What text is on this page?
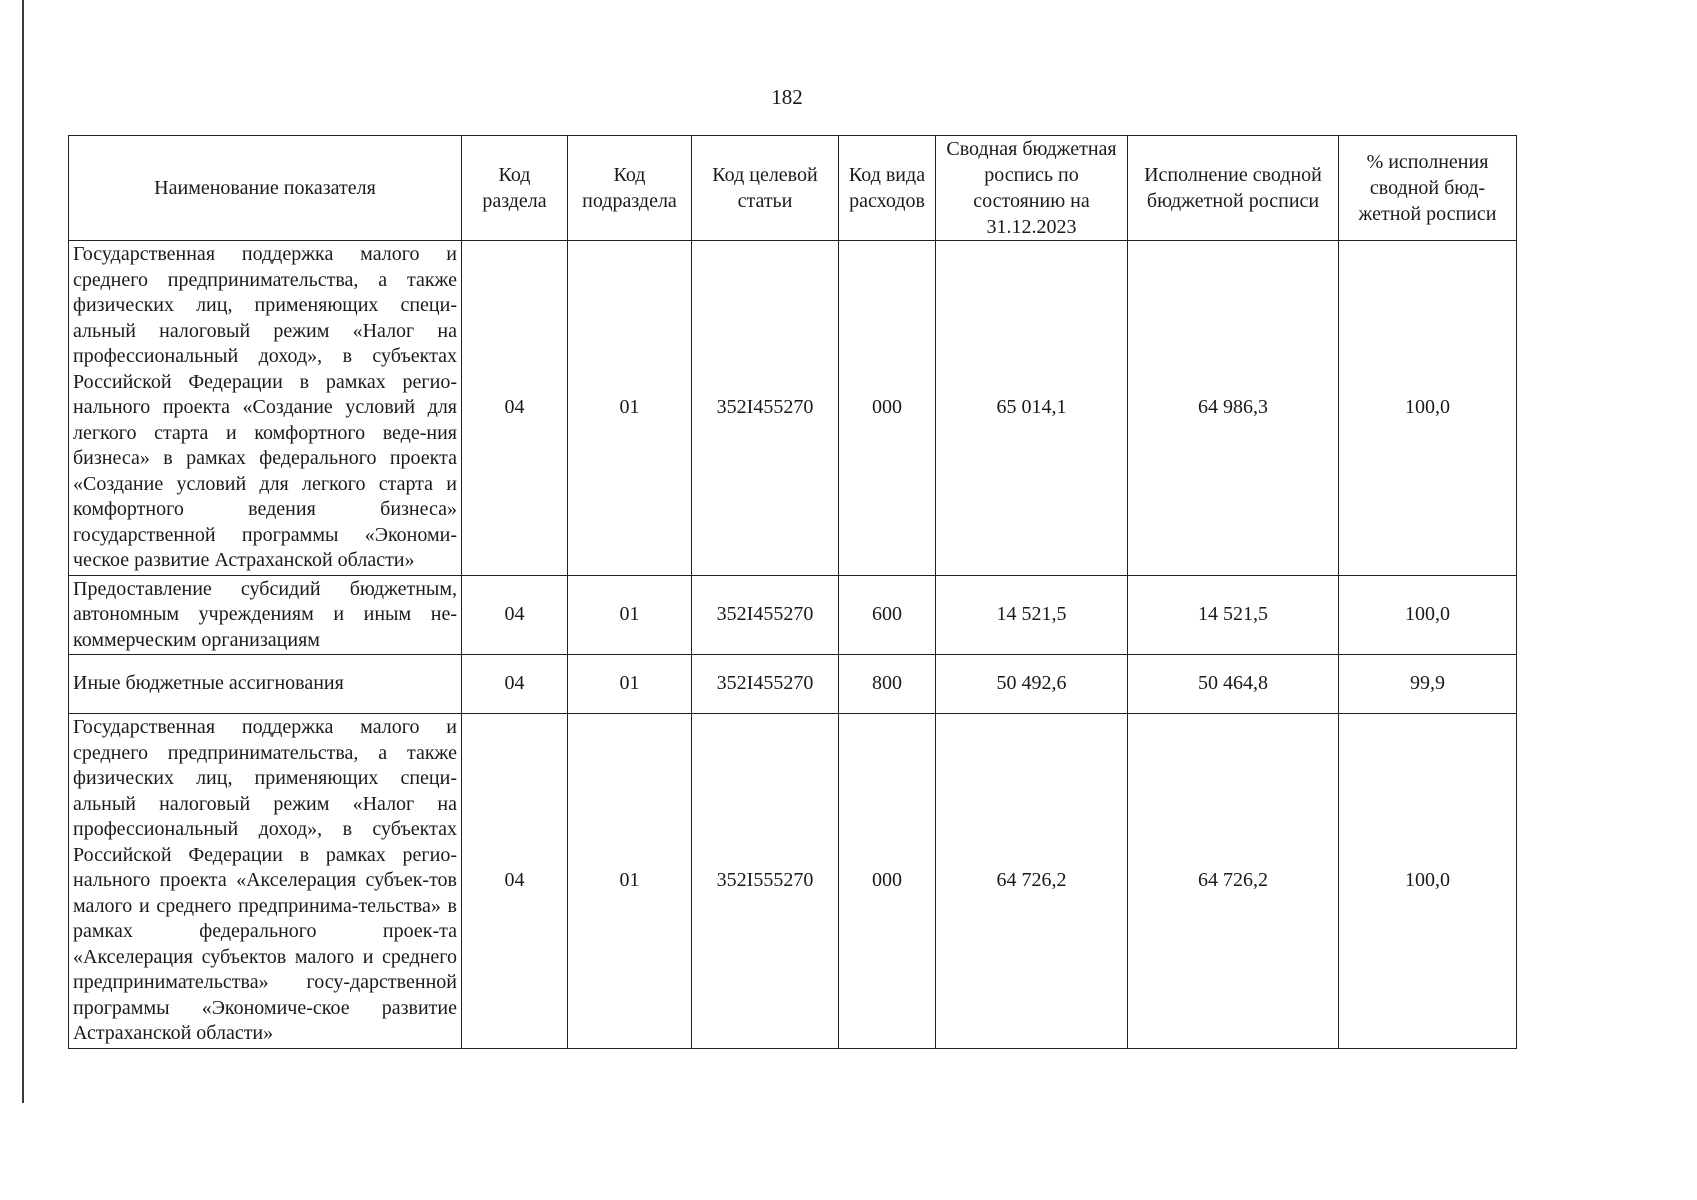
182
Наименование показателя	Код раздела	Код подраздела	Код целевой статьи	Код вида расходов	Сводная бюджетная роспись по состоянию на 31.12.2023	Исполнение сводной бюджетной росписи	% исполнения сводной бюд-жетной росписи
Государственная поддержка малого и среднего предпринимательства, а также физических лиц, применяющих специ-альный налоговый режим «Налог на профессиональный доход», в субъектах Российской Федерации в рамках регио-нального проекта «Создание условий для легкого старта и комфортного веде-ния бизнеса» в рамках федерального проекта «Создание условий для легкого старта и комфортного ведения бизнеса» государственной программы «Экономи-ческое развитие Астраханской области»	04	01	352I455270	000	65 014,1	64 986,3	100,0
Предоставление субсидий бюджетным, автономным учреждениям и иным не-коммерческим организациям	04	01	352I455270	600	14 521,5	14 521,5	100,0
Иные бюджетные ассигнования	04	01	352I455270	800	50 492,6	50 464,8	99,9
Государственная поддержка малого и среднего предпринимательства, а также физических лиц, применяющих специ-альный налоговый режим «Налог на профессиональный доход», в субъектах Российской Федерации в рамках регио-нального проекта «Акселерация субъек-тов малого и среднего предпринима-тельства» в рамках федерального проек-та «Акселерация субъектов малого и среднего предпринимательства» госу-дарственной программы «Экономиче-ское развитие Астраханской области»	04	01	352I555270	000	64 726,2	64 726,2	100,0
